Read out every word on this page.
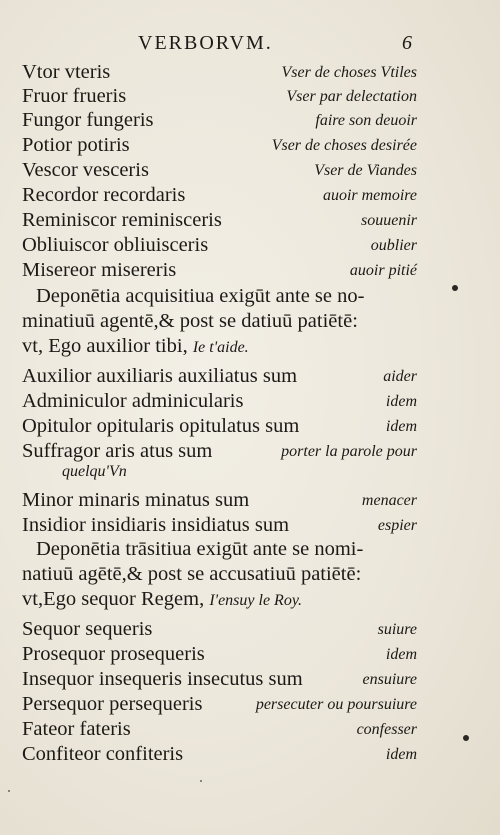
VERBORVM.	6
Vtor vteris	Vser de choses Vtiles
Fruor frueris	Vser par delectation
Fungor fungeris	faire son deuoir
Potior potiris	Vser de choses desirée
Vescor vesceris	Vser de Viandes
Recordor recordaris	auoir memoire
Reminiscor reminisceris	souuenir
Obliuiscor obliuisceris	oublier
Misereor misereris	auoir pitié
Deponētia acquisitiua exigūt ante se no-
minatiuū agentē,& post se datiuū patiētē:
vt, Ego auxilior tibi, Ie t'aide.
Auxilior auxiliaris auxiliatus sum	aider
Adminiculor adminicularis	idem
Opitulor opitularis opitulatus sum	idem
Suffragor aris atus sum	porter la parole pour
quelqu'Vn
Minor minaris minatus sum	menacer
Insidior insidiaris insidiatus sum	espier
Deponētia trāsitiua exigūt ante se nomi-
natiuū agētē,& post se accusatiuū patiētē:
vt,Ego sequor Regem, I'ensuy le Roy.
Sequor sequeris	suiure
Prosequor prosequeris	idem
Insequor insequeris insecutus sum	ensuiure
Persequor persequeris	persecuter ou poursuiure
Fateor fateris	confesser
Confiteor confiteris	idem
